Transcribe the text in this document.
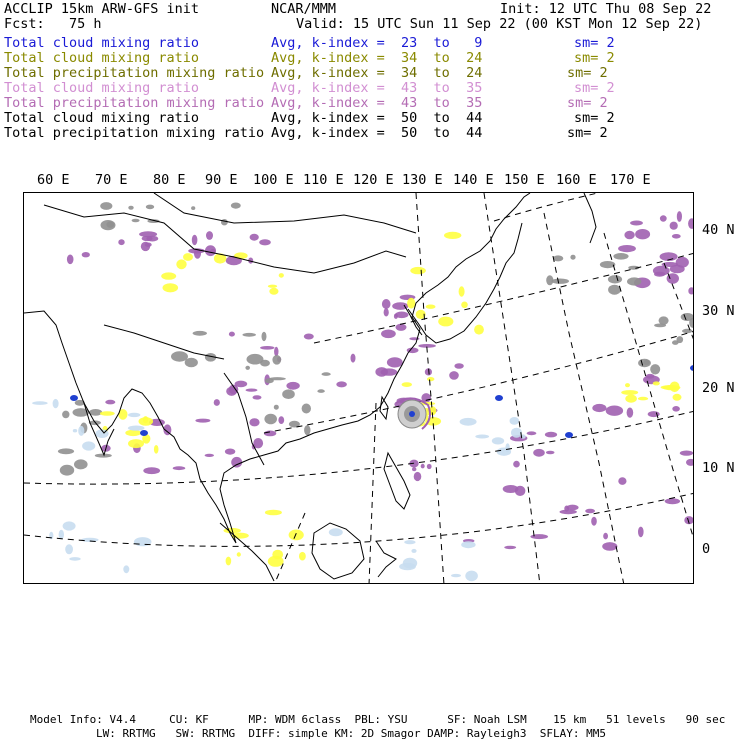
ACCLIP 15km ARW-GFS init	NCAR/MMM	Init: 12 UTC Thu 08 Sep 22
Fcst:   75 h	Valid: 15 UTC Sun 11 Sep 22 (00 KST Mon 12 Sep 22)
Total cloud mixing ratio	Avg, k-index =  23  to   9	sm= 2
Total cloud mixing ratio	Avg, k-index =  34  to  24	sm= 2
Total precipitation mixing ratio Avg, k-index =  34  to  24	sm= 2
Total cloud mixing ratio	Avg, k-index =  43  to  35	sm= 2
Total precipitation mixing ratio Avg, k-index =  43  to  35	sm= 2
Total cloud mixing ratio	Avg, k-index =  50  to  44	sm= 2
Total precipitation mixing ratio Avg, k-index =  50  to  44	sm= 2
60 E 70 E 80 E 90 E 100 E 110 E 120 E 130 E 140 E 150 E 160 E 170 E
40 N
30 N
20 N
10 N
0
Model Info: V4.4     CU: KF      MP: WDM 6class  PBL: YSU      SF: Noah LSM    15 km   51 levels   90 sec
LW: RRTMG   SW: RRTMG  DIFF: simple KM: 2D Smagor DAMP: Rayleigh3  SFLAY: MM5
